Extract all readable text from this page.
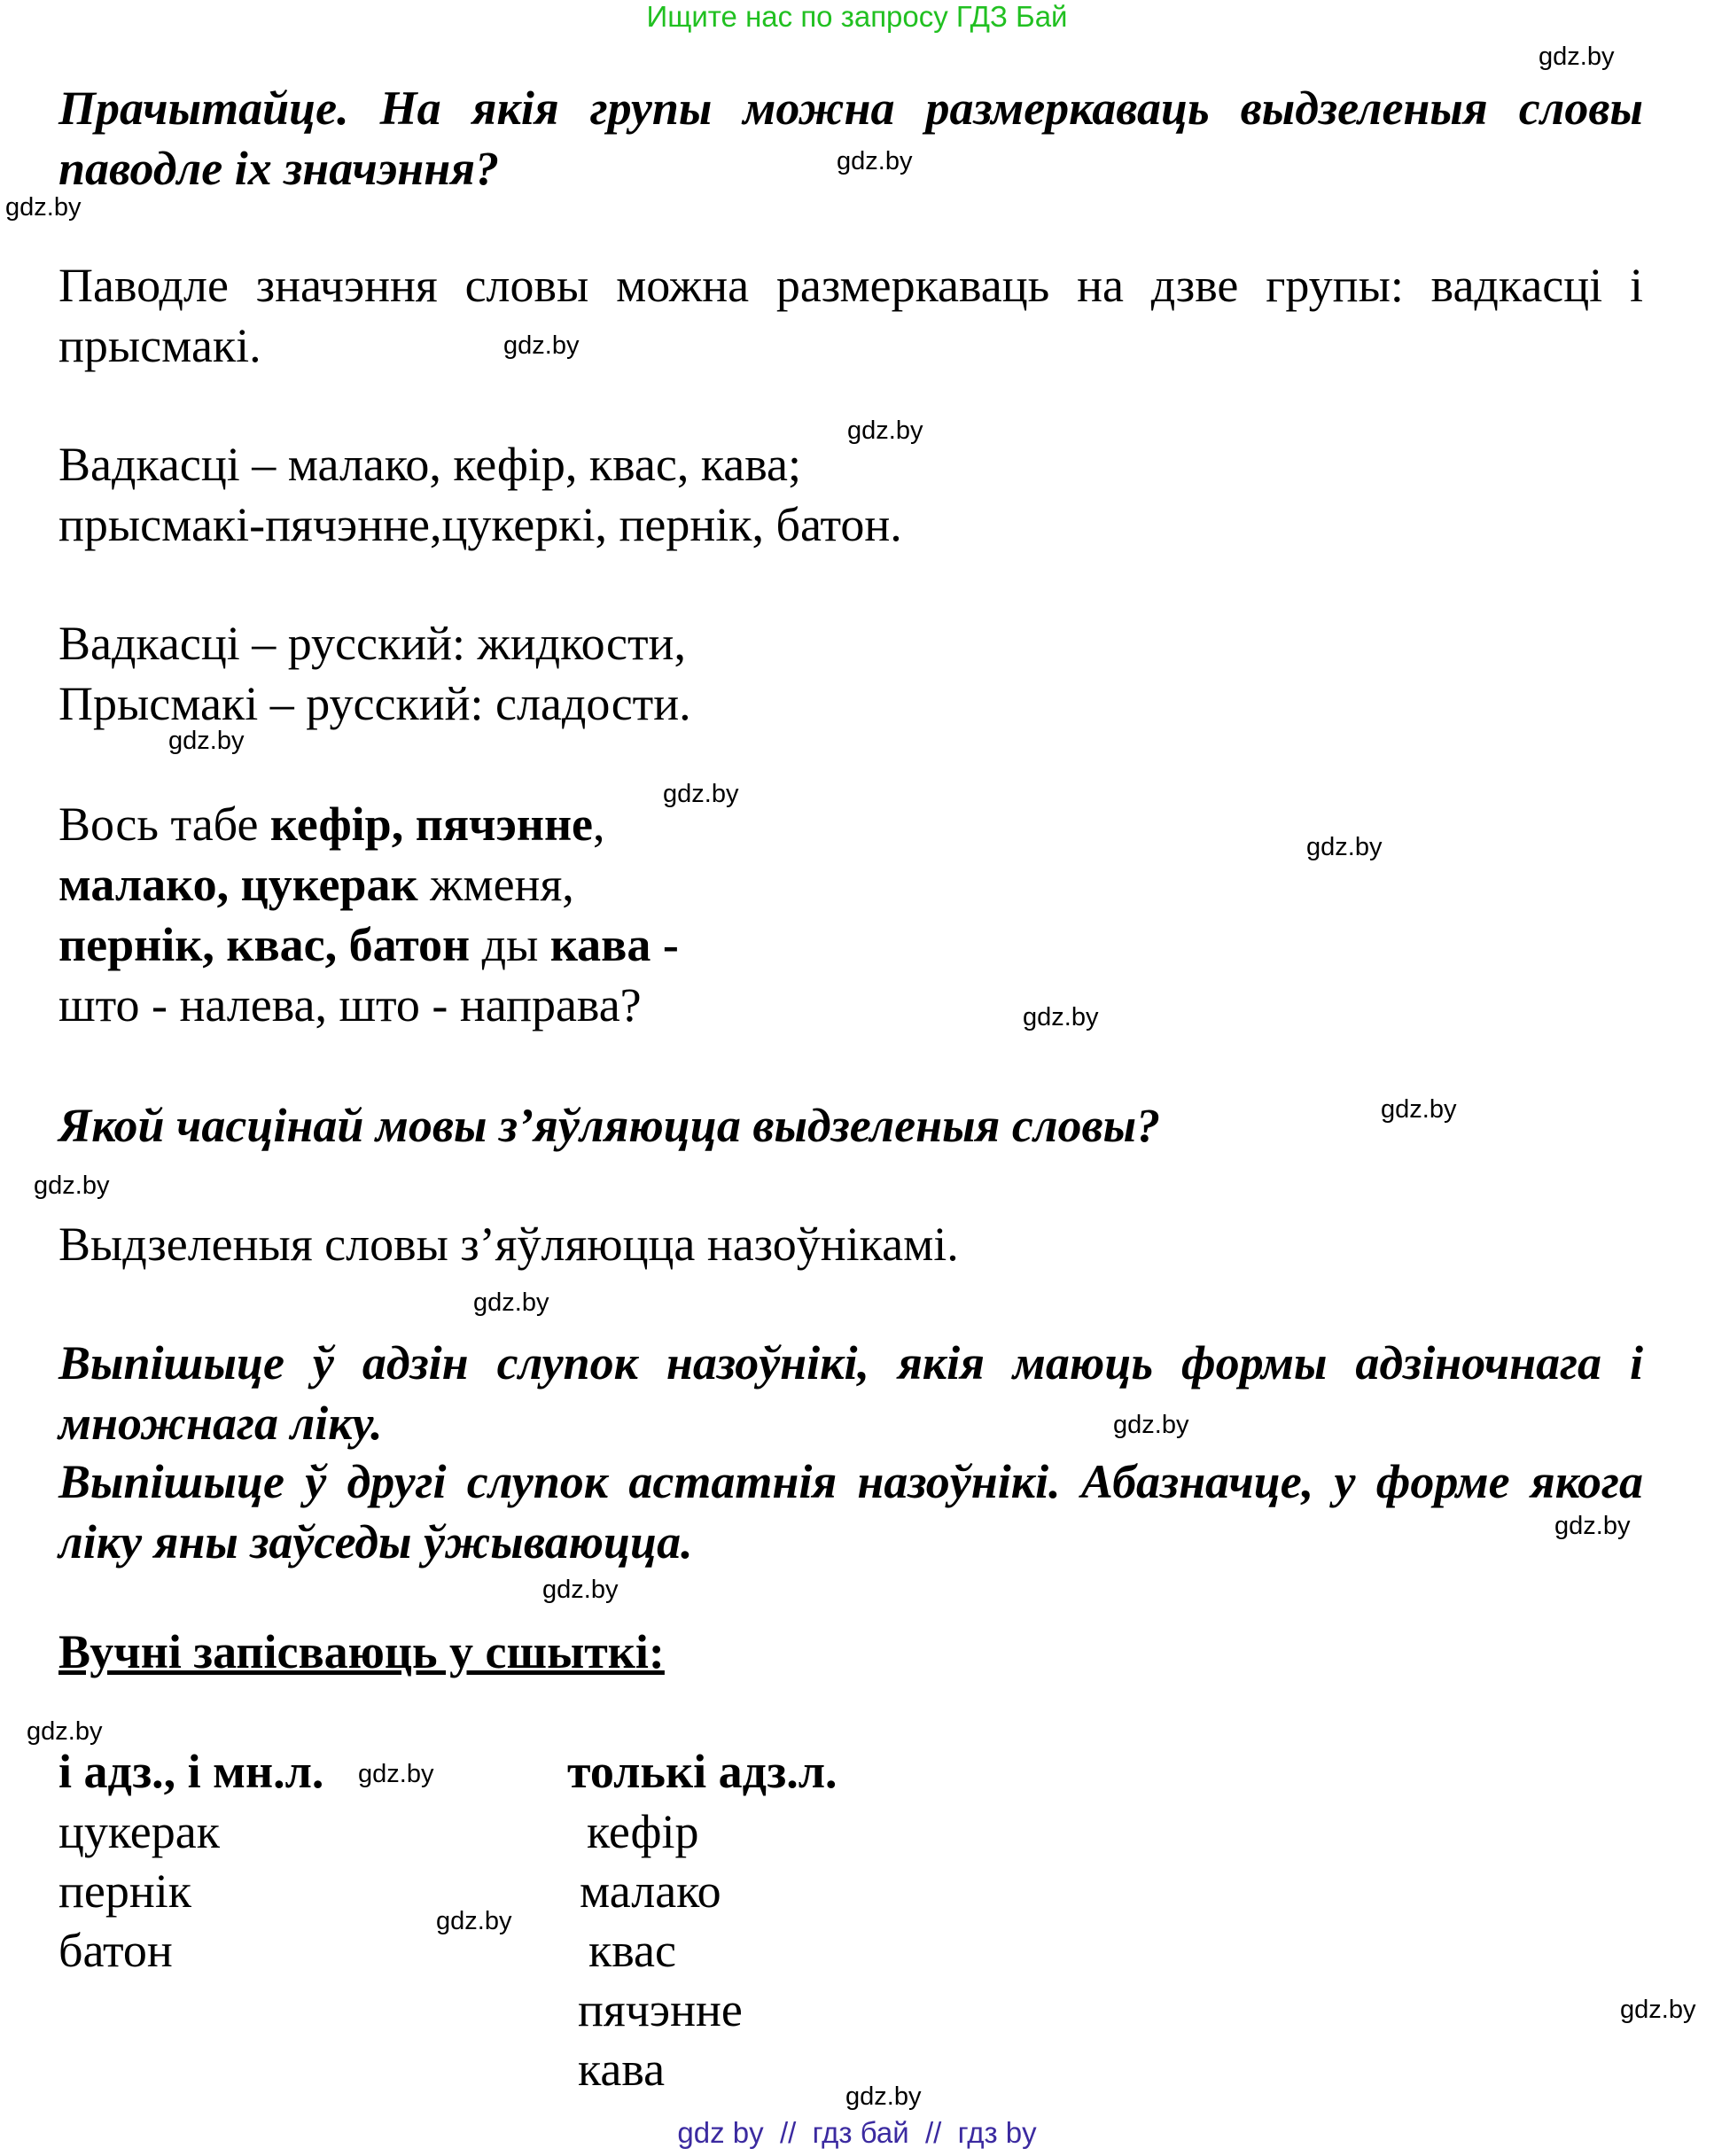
Ищите нас по запросу ГДЗ Бай
gdz.by
gdz.by
gdz.by
gdz.by
gdz.by
gdz.by
gdz.by
gdz.by
gdz.by
gdz.by
gdz.by
gdz.by
gdz.by
gdz.by
gdz.by
gdz.by
gdz.by
gdz.by
gdz.by
gdz.by
Прачытайце. На якія групы можна размеркаваць выдзеленыя словы паводле іх значэння?
Паводле значэння словы можна размеркаваць на дзве групы: вадкасці і прысмакі.
Вадкасці – малако, кефір, квас, кава;
прысмакі-пячэнне,цукеркі, пернік, батон.
Вадкасці – русский: жидкости,
Прысмакі – русский: сладости.
Вось табе кефір, пячэнне,
малако, цукерак жменя,
пернік, квас, батон ды кава -
што - налева, што - направа?
Якой часцінай мовы з’яўляюцца выдзеленыя словы?
Выдзеленыя словы з’яўляюцца назоўнікамі.
Выпішыце ў адзін слупок назоўнікі, якія маюць формы адзіночнага і множнага ліку.
Выпішыце ў другі слупок астатнія назоўнікі. Абазначце, у форме якога ліку яны заўседы ўжываюцца.
Вучні запісваюць у сшыткі:
і адз., і мн.л.
цукерак
пернік
батон
толькі адз.л.
кефір
малако
квас
пячэнне
кава
gdz by  //  гдз бай  //  гдз by
